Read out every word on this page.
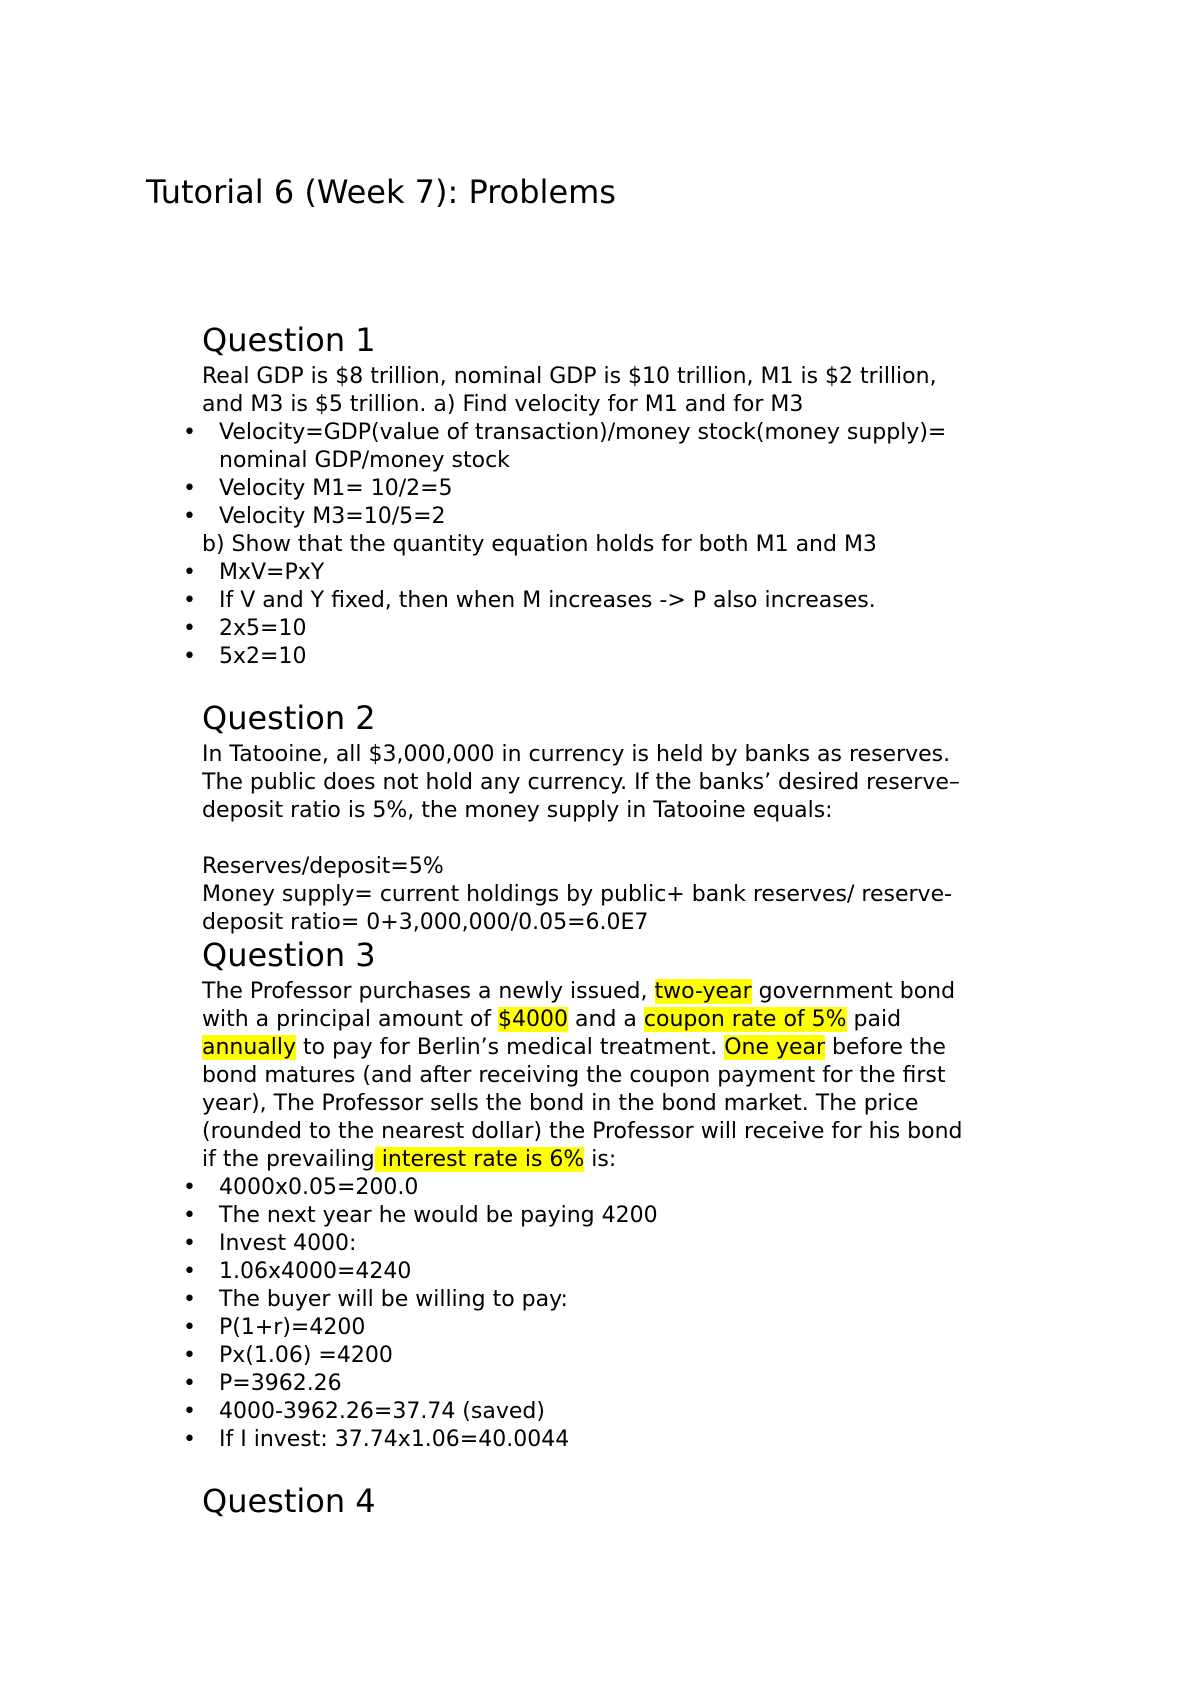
Tutorial 6 (Week 7): Problems
Question 1
Real GDP is $8 trillion, nominal GDP is $10 trillion, M1 is $2 trillion,
and M3 is $5 trillion. a) Find velocity for M1 and for M3
• Velocity=GDP(value of transaction)/money stock(money supply)=
nominal GDP/money stock
• Velocity M1= 10/2=5
• Velocity M3=10/5=2
b) Show that the quantity equation holds for both M1 and M3
• MxV=PxY
• If V and Y fixed, then when M increases -> P also increases.
• 2x5=10
• 5x2=10
Question 2
In Tatooine, all $3,000,000 in currency is held by banks as reserves.
The public does not hold any currency. If the banks’ desired reserve–
deposit ratio is 5%, the money supply in Tatooine equals:
Reserves/deposit=5%
Money supply= current holdings by public+ bank reserves/ reserve-
deposit ratio= 0+3,000,000/0.05=6.0E7
Question 3
The Professor purchases a newly issued, two-year government bond
with a principal amount of $4000 and a coupon rate of 5% paid
annually to pay for Berlin’s medical treatment. One year before the
bond matures (and after receiving the coupon payment for the first
year), The Professor sells the bond in the bond market. The price
(rounded to the nearest dollar) the Professor will receive for his bond
if the prevailing interest rate is 6% is:
• 4000x0.05=200.0
• The next year he would be paying 4200
• Invest 4000:
• 1.06x4000=4240
• The buyer will be willing to pay:
• P(1+r)=4200
• Px(1.06) =4200
• P=3962.26
• 4000-3962.26=37.74 (saved)
• If I invest: 37.74x1.06=40.0044
Question 4
